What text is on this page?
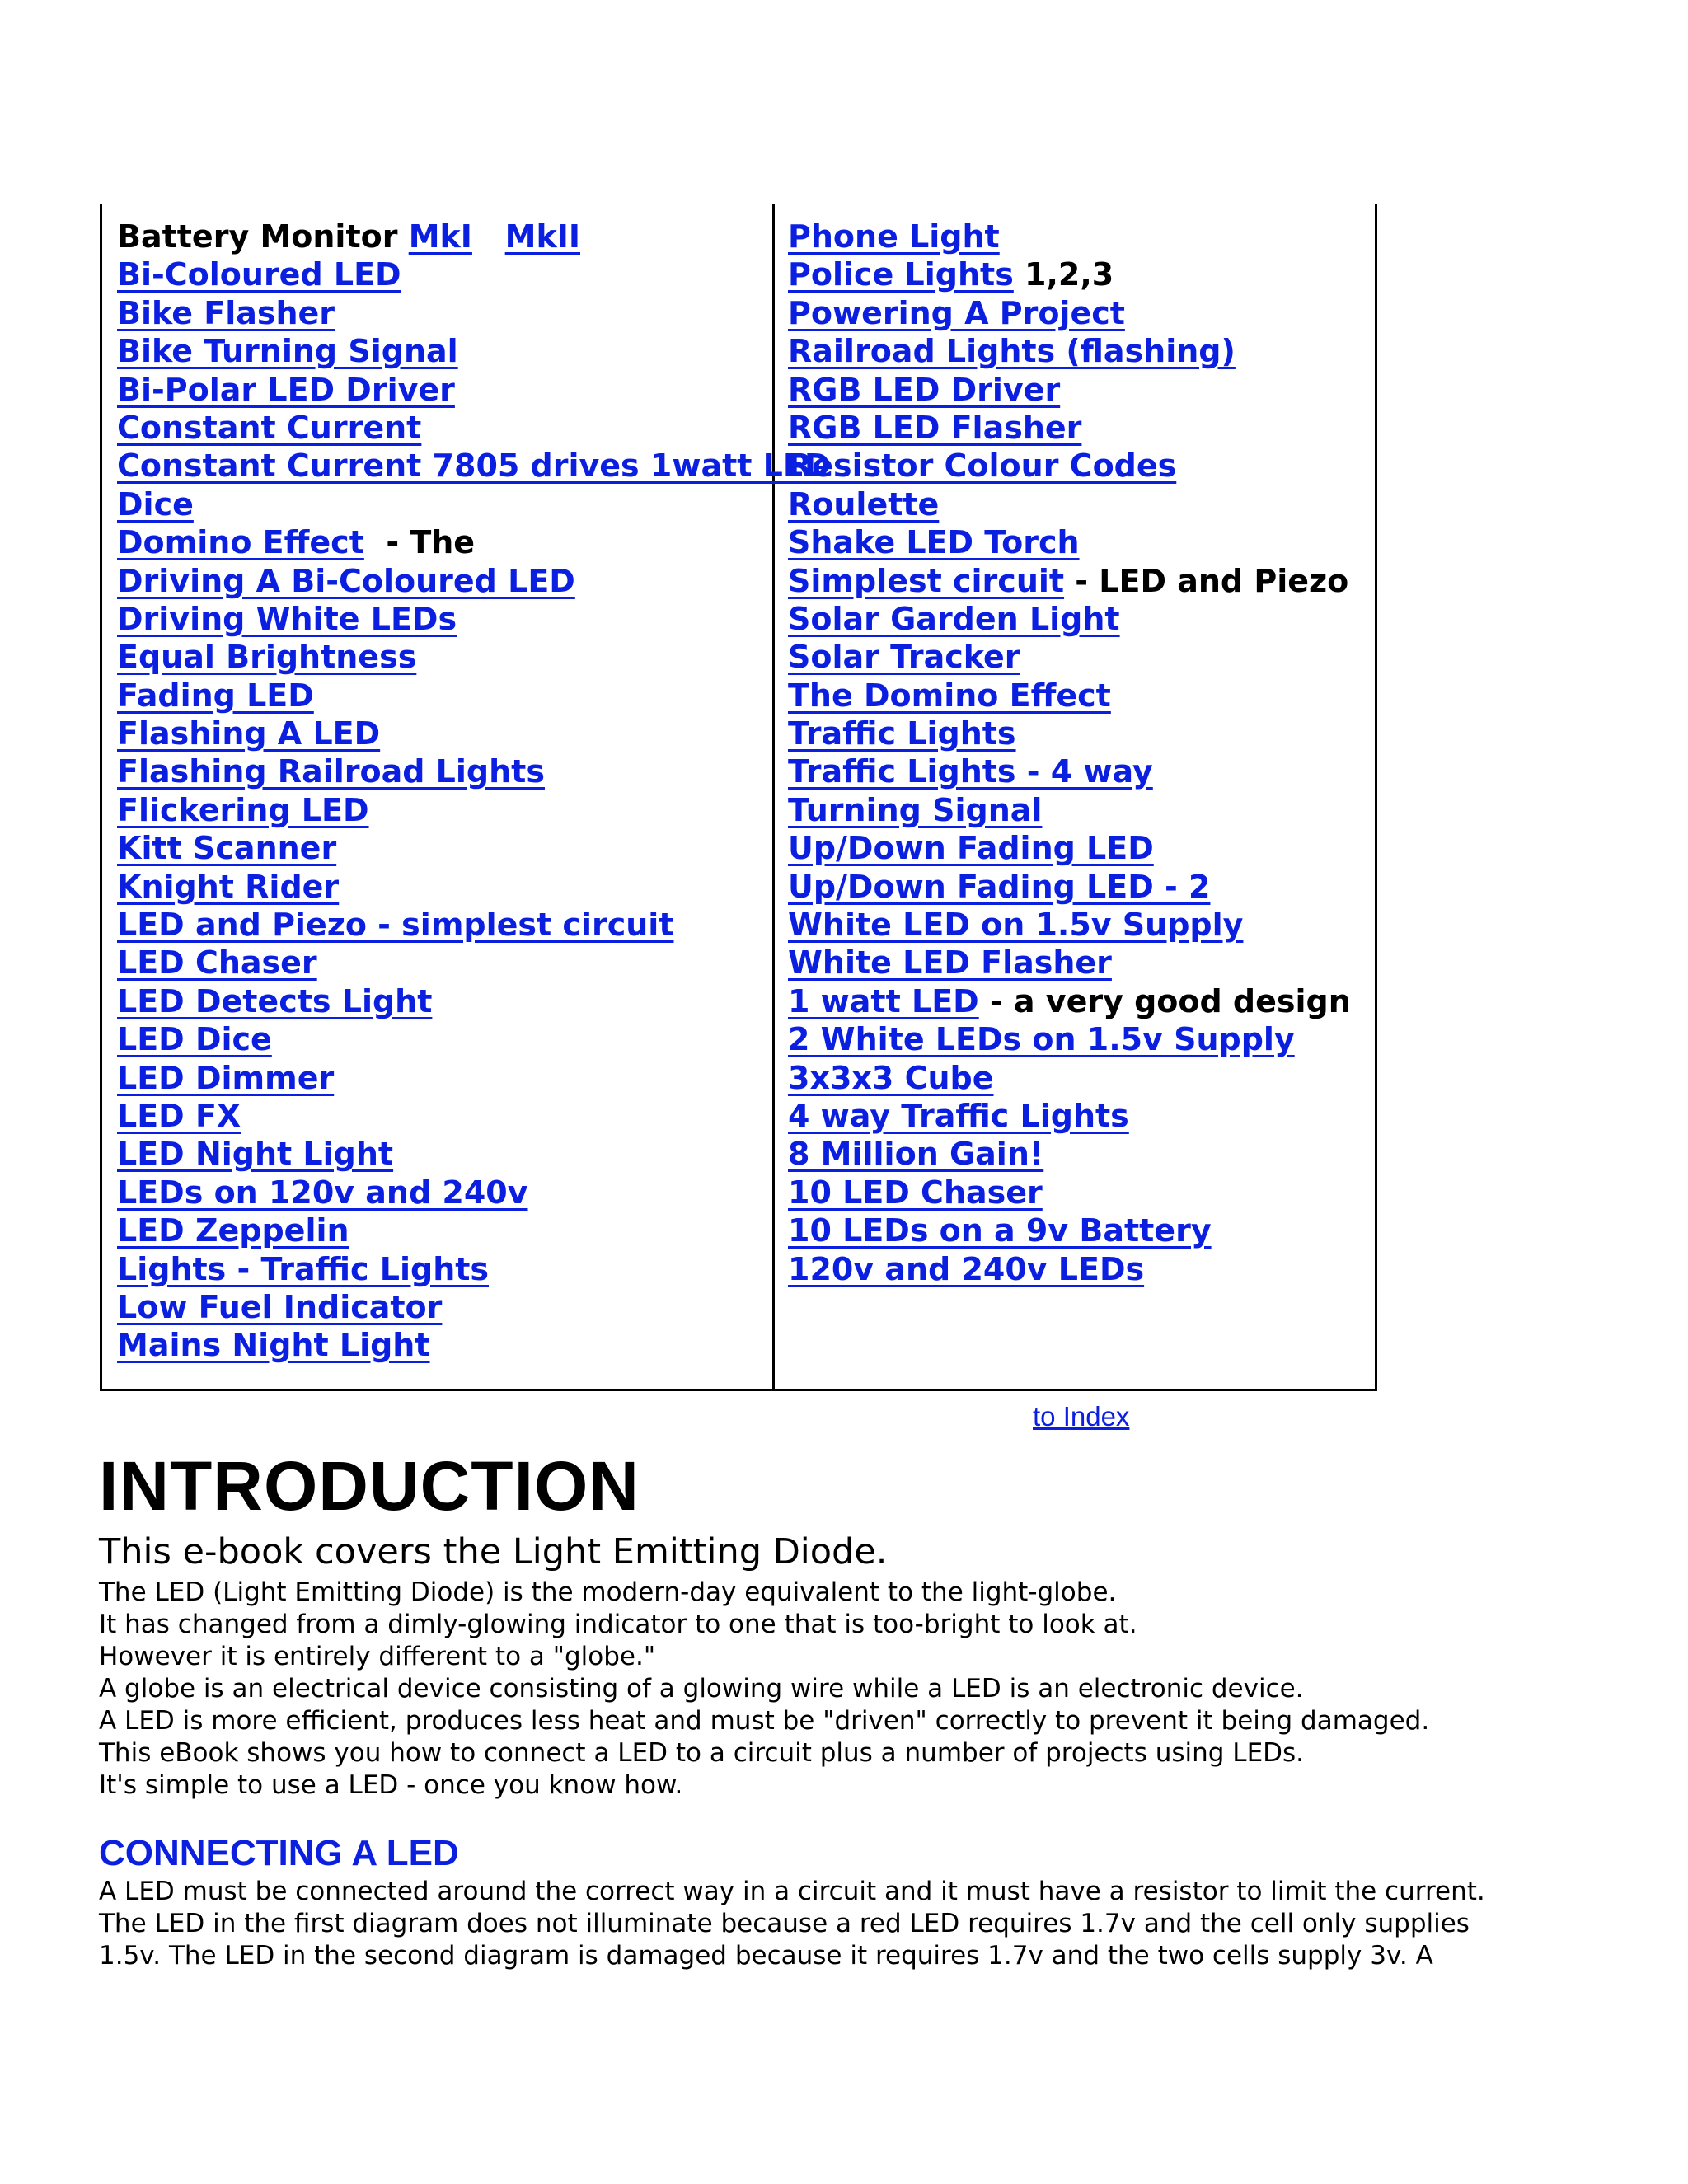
Battery Monitor MkI MkII
Bi-Coloured LED
Bike Flasher
Bike Turning Signal
Bi-Polar LED Driver
Constant Current
Constant Current 7805 drives 1watt LED
Dice
Domino Effect  - The
Driving A Bi-Coloured LED
Driving White LEDs
Equal Brightness
Fading LED
Flashing A LED
Flashing Railroad Lights
Flickering LED
Kitt Scanner
Knight Rider
LED and Piezo - simplest circuit
LED Chaser
LED Detects Light
LED Dice
LED Dimmer
LED FX
LED Night Light
LEDs on 120v and 240v
LED Zeppelin
Lights - Traffic Lights
Low Fuel Indicator
Mains Night Light
Phone Light
Police Lights 1,2,3
Powering A Project
Railroad Lights (flashing)
RGB LED Driver
RGB LED Flasher
Resistor Colour Codes
Roulette
Shake LED Torch
Simplest circuit - LED and Piezo
Solar Garden Light
Solar Tracker
The Domino Effect
Traffic Lights
Traffic Lights - 4 way
Turning Signal
Up/Down Fading LED
Up/Down Fading LED - 2
White LED on 1.5v Supply
White LED Flasher
1 watt LED - a very good design
2 White LEDs on 1.5v Supply
3x3x3 Cube
4 way Traffic Lights
8 Million Gain!
10 LED Chaser
10 LEDs on a 9v Battery
120v and 240v LEDs
to Index
INTRODUCTION
This e-book covers the Light Emitting Diode.
The LED (Light Emitting Diode) is the modern-day equivalent to the light-globe.
It has changed from a dimly-glowing indicator to one that is too-bright to look at.
However it is entirely different to a "globe."
A globe is an electrical device consisting of a glowing wire while a LED is an electronic device.
A LED is more efficient, produces less heat and must be "driven" correctly to prevent it being damaged.
This eBook shows you how to connect a LED to a circuit plus a number of projects using LEDs.
It's simple to use a LED - once you know how.
CONNECTING A LED
A LED must be connected around the correct way in a circuit and it must have a resistor to limit the current.
The LED in the first diagram does not illuminate because a red LED requires 1.7v and the cell only supplies
1.5v. The LED in the second diagram is damaged because it requires 1.7v and the two cells supply 3v. A
